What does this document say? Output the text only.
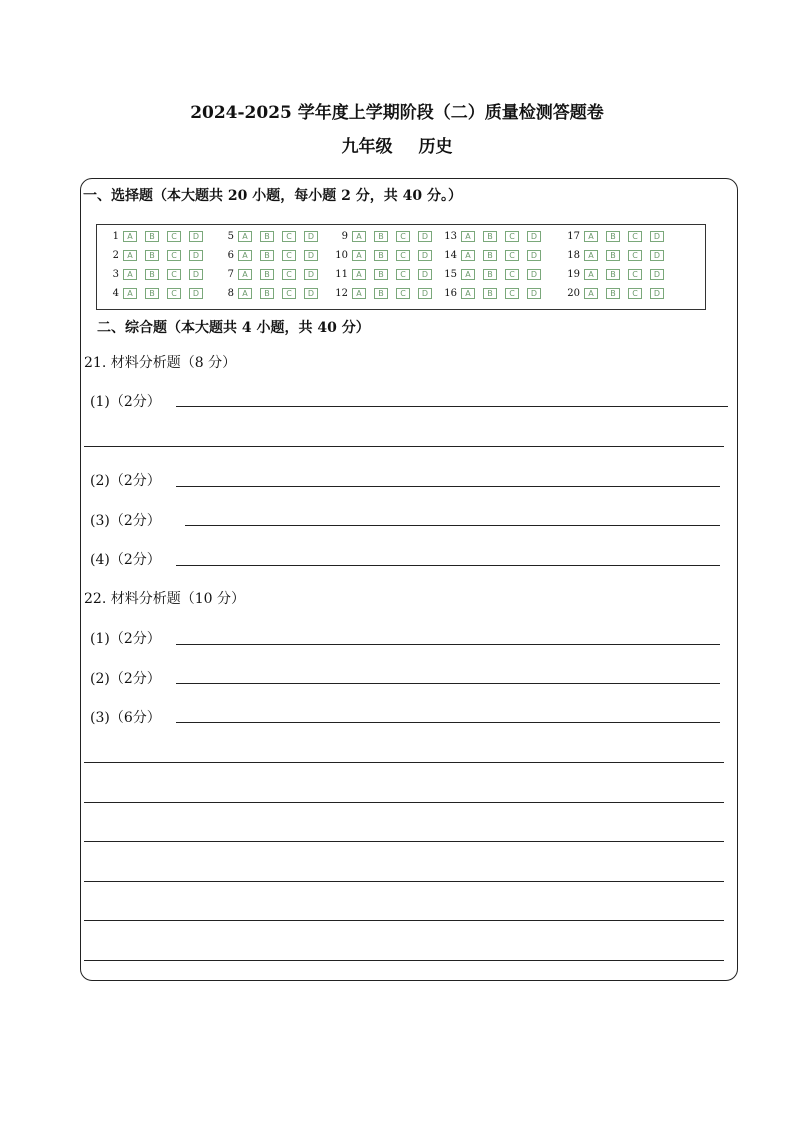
2024-2025 学年度上学期阶段（二）质量检测答题卷
九年级 历史
一、选择题（本大题共 20 小题，每小题 2 分，共 40 分。）
1	A	B	C	D
2	A	B	C	D
3	A	B	C	D
4	A	B	C	D
5	A	B	C	D
6	A	B	C	D
7	A	B	C	D
8	A	B	C	D
9	A	B	C	D
10	A	B	C	D
11	A	B	C	D
12	A	B	C	D
13	A	B	C	D
14	A	B	C	D
15	A	B	C	D
16	A	B	C	D
17	A	B	C	D
18	A	B	C	D
19	A	B	C	D
20	A	B	C	D
二、综合题（本大题共 4 小题，共 40 分）
21. 材料分析题（8 分）
(1)（2分）
(2)（2分）
(3)（2分）
(4)（2分）
22. 材料分析题（10 分）
(1)（2分）
(2)（2分）
(3)（6分）
